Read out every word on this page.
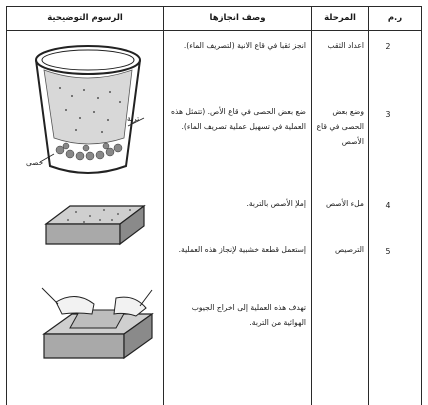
ر.م
المرحلة
وصف انجازها
الرسوم التوضيحية
2
اعداد الثقب
انجز ثقبا في قاع الانية (لتصريف الماء).
3
وضع بعض الحصى في قاع الأصص
ضع بعض الحصى في قاع الأص. (تتمثل هذه العملية في تسهيل عملية تصريف الماء).
4
ملء الأصص
إملإ الأصص بالتربة.
5
الترصيص
إستعمل قطعة خشبية لإنجاز هذه العملية.
تهدف هذه العملية إلى اخراج الجيوب الهوائية من التربة.
تربة
حصى
